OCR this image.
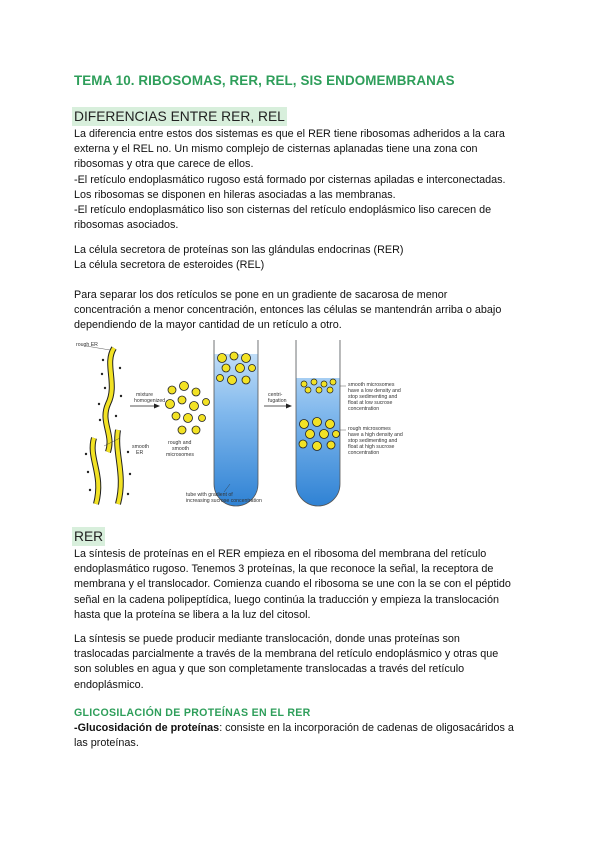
TEMA 10. RIBOSOMAS, RER, REL, SIS ENDOMEMBRANAS
DIFERENCIAS ENTRE RER, REL

La diferencia entre estos dos sistemas es que el RER tiene ribosomas adheridos a la cara

externa y el REL no. Un mismo complejo de cisternas aplanadas tiene una zona con

ribosomas y otra que carece de ellos.

-El retículo endoplasmático rugoso está formado por cisternas apiladas e interconectadas.

Los ribosomas se disponen en hileras asociadas a las membranas.

-El retículo endoplasmático liso son cisternas del retículo endoplásmico liso carecen de

ribosomas asociados.

La célula secretora de proteínas son las glándulas endocrinas (RER)

La célula secretora de esteroides (REL)

Para separar los dos retículos se pone en un gradiente de sacarosa de menor

concentración a menor concentración, entonces las células se mantendrán arriba o abajo

dependiendo de la mayor cantidad de un retículo a otro.

rough ER
smooth
ER
mixture
homogenized
rough and
smooth
microsomes
tube with gradient of
increasing sucrose concentration
centri-
fugation
smooth microsomes
have a low density and
stop sedimenting and
float at low sucrose
concentration
rough microsomes
have a high density and
stop sedimenting and
float at high sucrose
concentration
RER

La síntesis de proteínas en el RER empieza en el ribosoma del membrana del retículo

endoplasmático rugoso. Tenemos 3 proteínas, la que reconoce la señal, la receptora de

membrana y el translocador. Comienza cuando el ribosoma se une con la se con el péptido

señal en la cadena polipeptídica, luego continúa la traducción y empieza la translocación

hasta que la proteína se libera a la luz del citosol.

La síntesis se puede producir mediante translocación, donde unas proteínas son

traslocadas parcialmente a través de la membrana del retículo endoplásmico y otras que

son solubles en agua y que son completamente translocadas a través del retículo

endoplásmico.

GLICOSILACIÓN DE PROTEÍNAS EN EL RER

-Glucosidación de proteínas: consiste en la incorporación de cadenas de oligosacáridos a

las proteínas.
